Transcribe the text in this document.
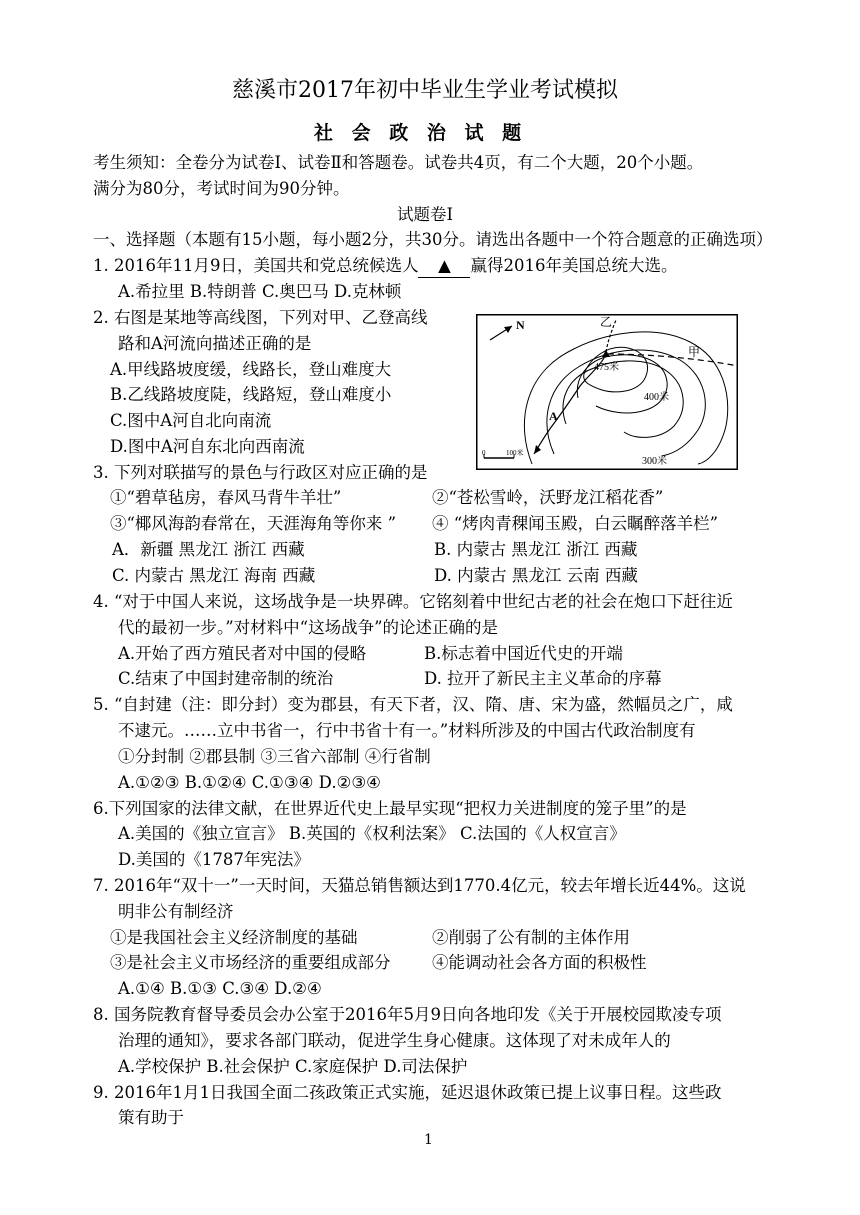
慈溪市2017年初中毕业生学业考试模拟
社 会 政 治 试 题
考生须知：全卷分为试卷Ⅰ、试卷Ⅱ和答题卷。试卷共4页，有二个大题，20个小题。
满分为80分，考试时间为90分钟。
试题卷Ⅰ
一、选择题（本题有15小题，每小题2分，共30分。请选出各题中一个符合题意的正确选项）
1. 2016年11月9日，美国共和党总统候选人 ▲ 赢得2016年美国总统大选。
A.希拉里 B.特朗普 C.奥巴马 D.克林顿
2. 右图是某地等高线图，下列对甲、乙登高线
路和A河流向描述正确的是
A.甲线路坡度缓，线路长，登山难度大
B.乙线路坡度陡，线路短，登山难度小
C.图中A河自北向南流
D.图中A河自东北向西南流
N
475米
乙
甲
A
400米
300米
0	100米
3. 下列对联描写的景色与行政区对应正确的是
①“碧草毡房，春风马背牛羊壮”	②“苍松雪岭，沃野龙江稻花香”
③“椰风海韵春常在，天涯海角等你来 ” ④ “烤肉青稞闻玉殿，白云瞩醉落羊栏”
A．新疆 黑龙江 浙江 西藏	B. 内蒙古 黑龙江 浙江 西藏
C. 内蒙古 黑龙江 海南 西藏	D. 内蒙古 黑龙江 云南 西藏
4. “对于中国人来说，这场战争是一块界碑。它铭刻着中世纪古老的社会在炮口下赶往近
代的最初一步。”对材料中“这场战争”的论述正确的是
A.开始了西方殖民者对中国的侵略	B.标志着中国近代史的开端
C.结束了中国封建帝制的统治	D. 拉开了新民主主义革命的序幕
5. “自封建（注：即分封）变为郡县，有天下者，汉、隋、唐、宋为盛，然幅员之广，咸
不逮元。……立中书省一，行中书省十有一。”材料所涉及的中国古代政治制度有
①分封制 ②郡县制 ③三省六部制 ④行省制
A.①②③ B.①②④ C.①③④ D.②③④
6.下列国家的法律文献，在世界近代史上最早实现“把权力关进制度的笼子里”的是
A.美国的《独立宣言》 B.英国的《权利法案》 C.法国的《人权宣言》
D.美国的《1787年宪法》
7. 2016年“双十一”一天时间，天猫总销售额达到1770.4亿元，较去年增长近44%。这说
明非公有制经济
①是我国社会主义经济制度的基础	②削弱了公有制的主体作用
③是社会主义市场经济的重要组成部分	④能调动社会各方面的积极性
A.①④ B.①③ C.③④ D.②④
8. 国务院教育督导委员会办公室于2016年5月9日向各地印发《关于开展校园欺凌专项
治理的通知》，要求各部门联动，促进学生身心健康。这体现了对未成年人的
A.学校保护 B.社会保护 C.家庭保护 D.司法保护
9. 2016年1月1日我国全面二孩政策正式实施，延迟退休政策已提上议事日程。这些政
策有助于
1
